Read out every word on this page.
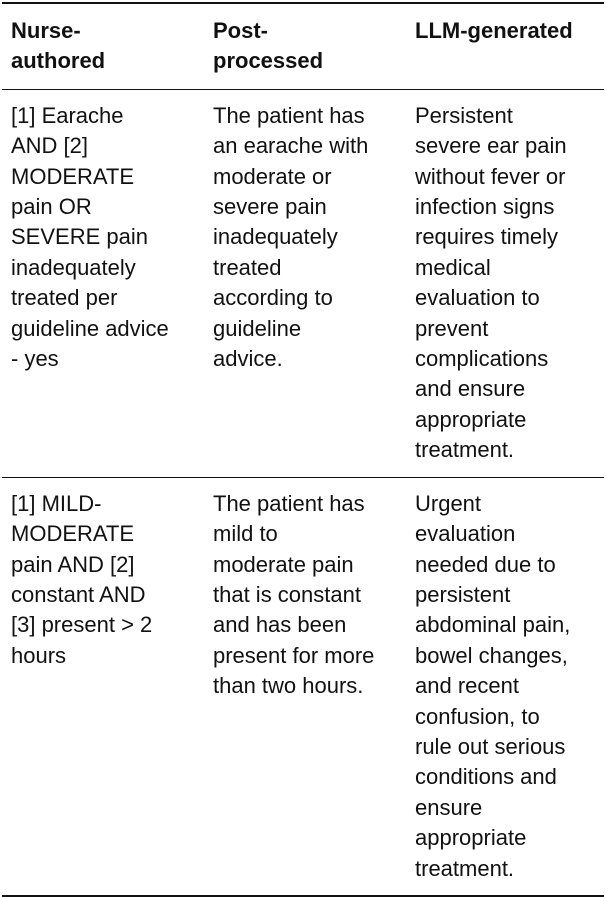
Nurse-
authored
Post-
processed
LLM-generated
[1] Earache
AND [2]
MODERATE
pain OR
SEVERE pain
inadequately
treated per
guideline advice
- yes
The patient has
an earache with
moderate or
severe pain
inadequately
treated
according to
guideline
advice.
Persistent
severe ear pain
without fever or
infection signs
requires timely
medical
evaluation to
prevent
complications
and ensure
appropriate
treatment.
[1] MILD-
MODERATE
pain AND [2]
constant AND
[3] present > 2
hours
The patient has
mild to
moderate pain
that is constant
and has been
present for more
than two hours.
Urgent
evaluation
needed due to
persistent
abdominal pain,
bowel changes,
and recent
confusion, to
rule out serious
conditions and
ensure
appropriate
treatment.
